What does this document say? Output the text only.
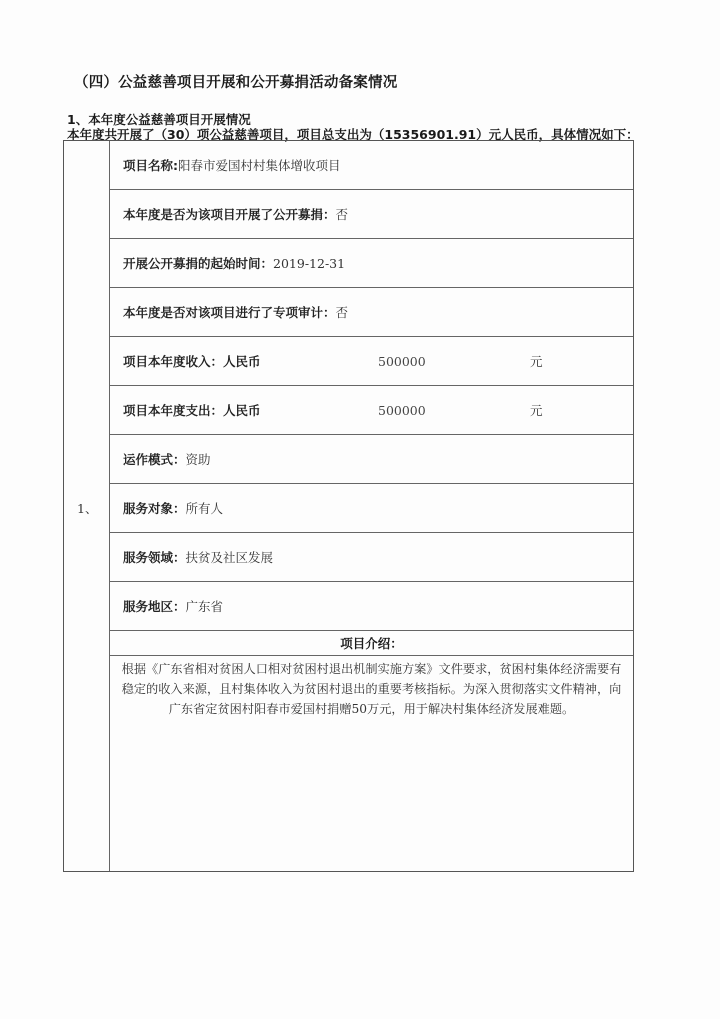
（四）公益慈善项目开展和公开募捐活动备案情况
1、本年度公益慈善项目开展情况
本年度共开展了（30）项公益慈善项目，项目总支出为（15356901.91）元人民币，具体情况如下：
1、
项目名称: 阳春市爱国村村集体增收项目
本年度是否为该项目开展了公开募捐： 否
开展公开募捐的起始时间： 2019-12-31
本年度是否对该项目进行了专项审计： 否
项目本年度收入：人民币	500000	元
项目本年度支出：人民币	500000	元
运作模式： 资助
服务对象： 所有人
服务领域： 扶贫及社区发展
服务地区： 广东省
项目介绍：
根据《广东省相对贫困人口相对贫困村退出机制实施方案》文件要求，贫困村集体经济需要有稳定的收入来源，且村集体收入为贫困村退出的重要考核指标。为深入贯彻落实文件精神，向广东省定贫困村阳春市爱国村捐赠50万元，用于解决村集体经济发展难题。
